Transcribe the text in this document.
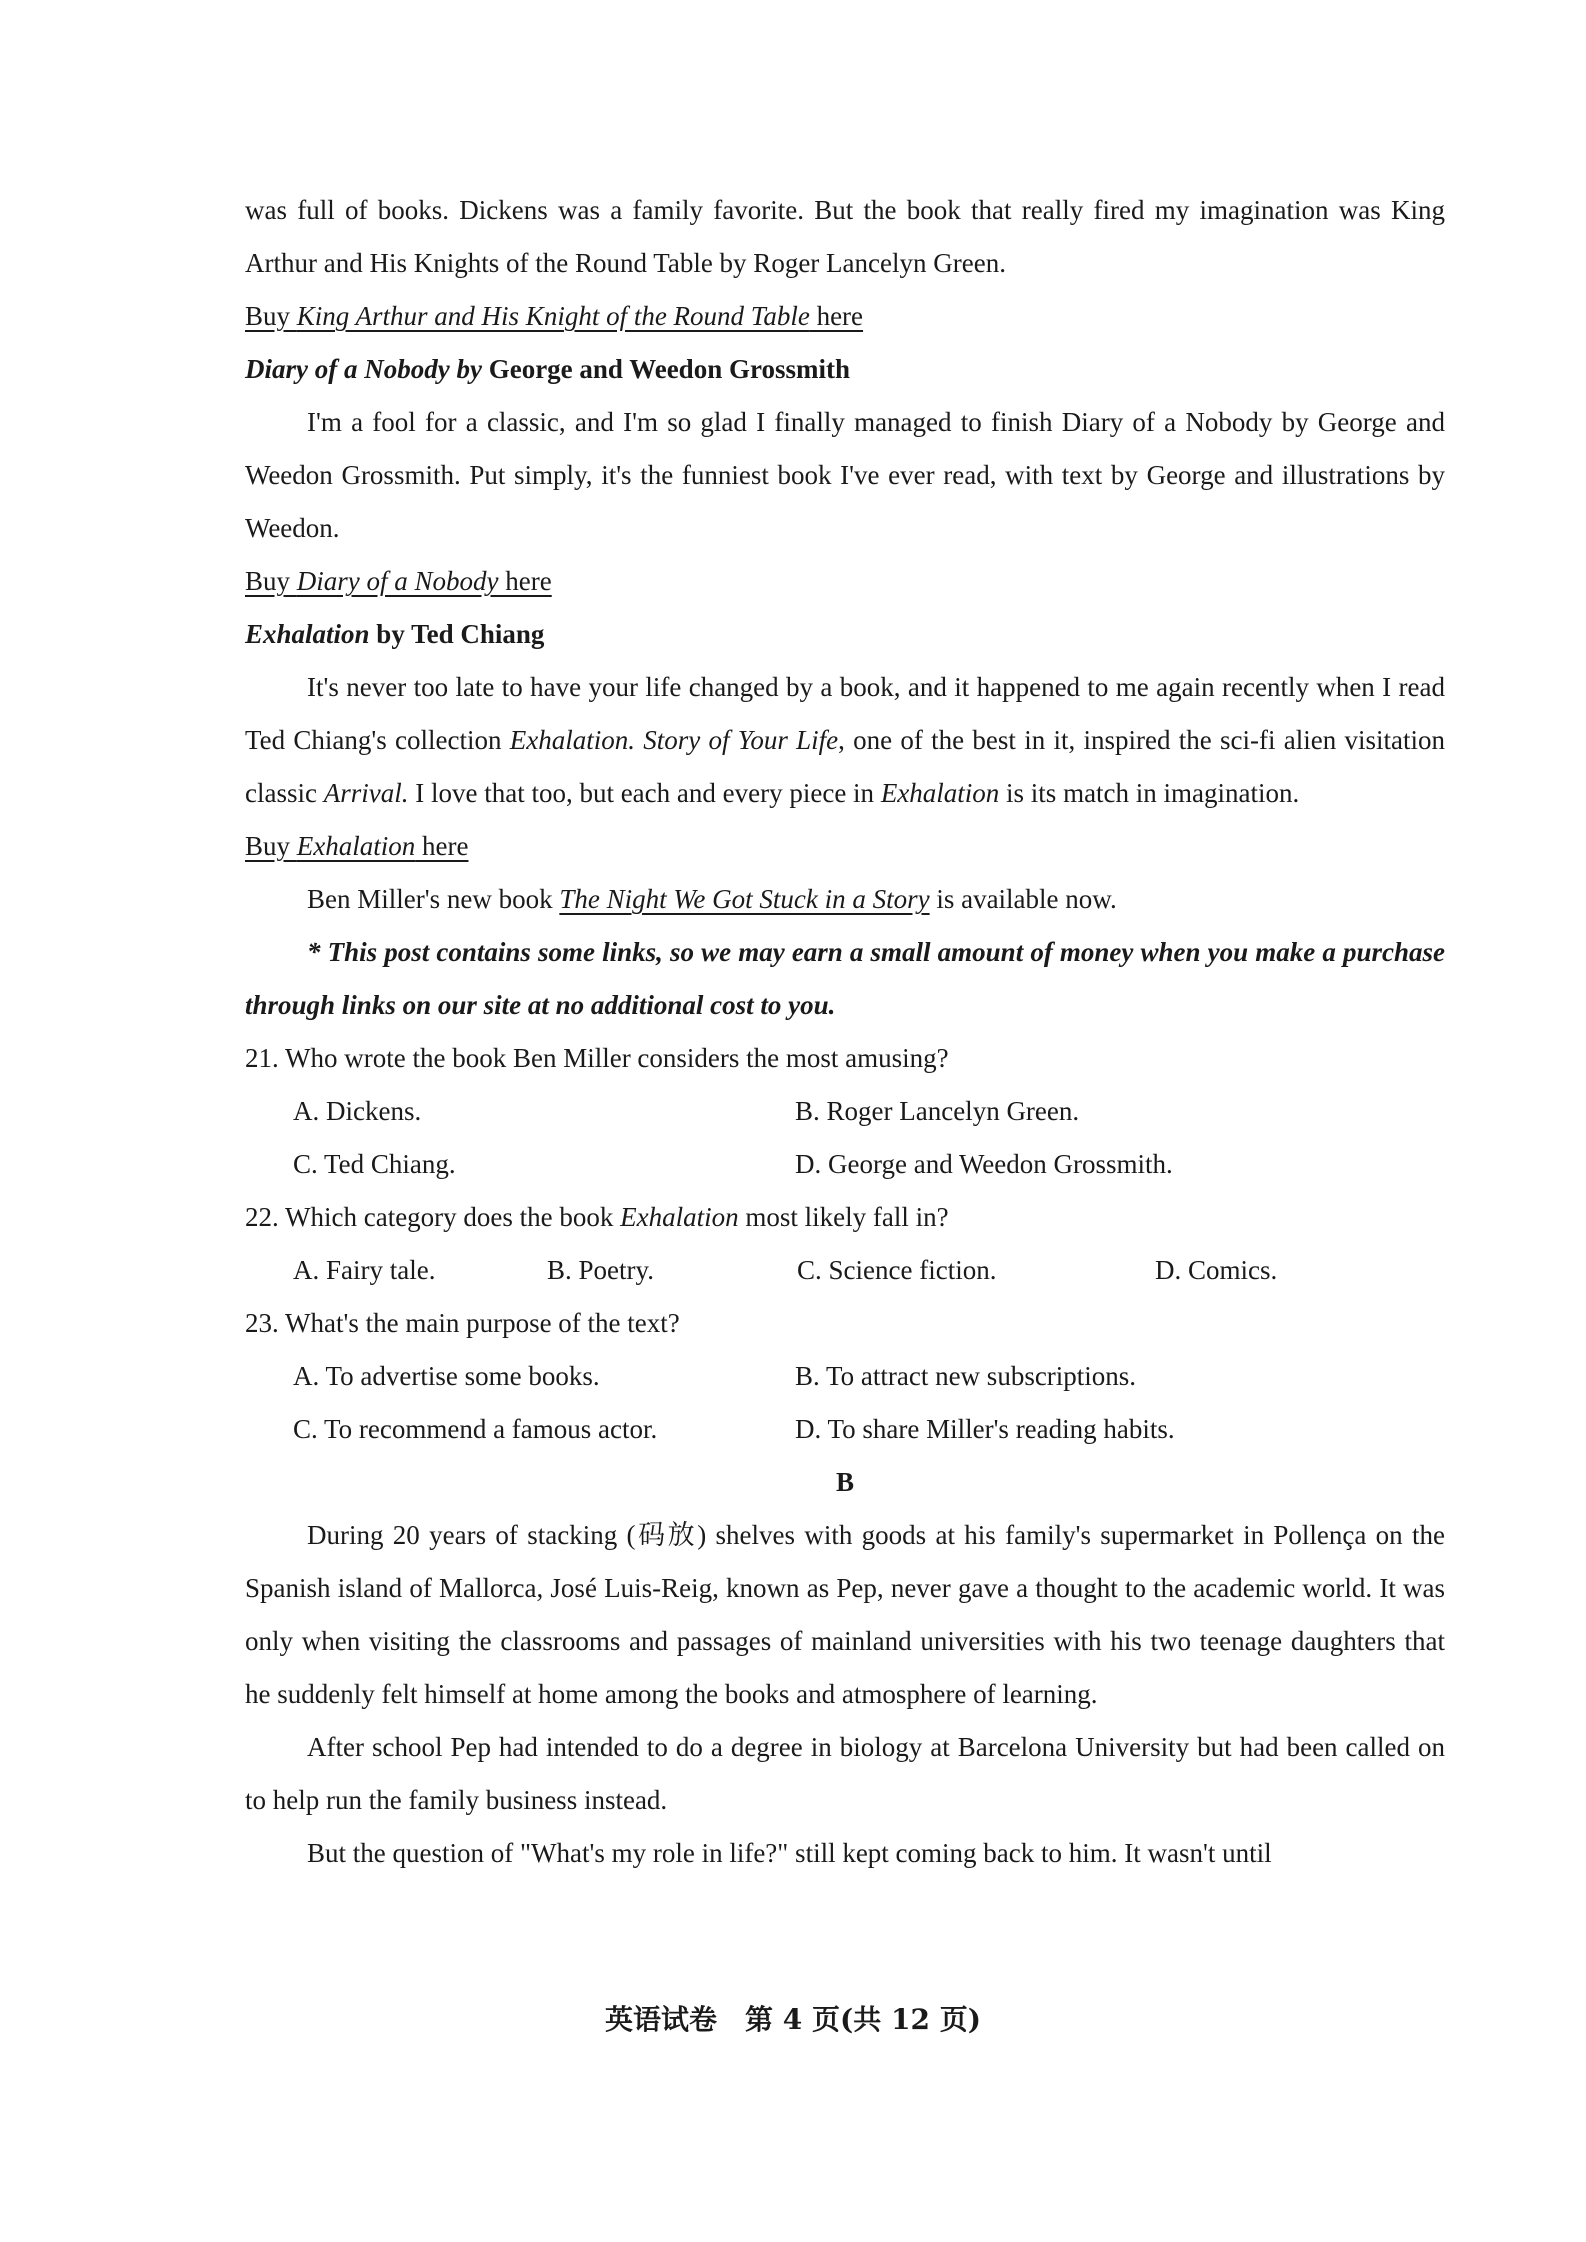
was full of books. Dickens was a family favorite. But the book that really fired my imagination was King Arthur and His Knights of the Round Table by Roger Lancelyn Green.

Buy King Arthur and His Knight of the Round Table here

Diary of a Nobody by George and Weedon Grossmith

I'm a fool for a classic, and I'm so glad I finally managed to finish Diary of a Nobody by George and Weedon Grossmith. Put simply, it's the funniest book I've ever read, with text by George and illustrations by Weedon.

Buy Diary of a Nobody here

Exhalation by Ted Chiang

It's never too late to have your life changed by a book, and it happened to me again recently when I read Ted Chiang's collection Exhalation. Story of Your Life, one of the best in it, inspired the sci-fi alien visitation classic Arrival. I love that too, but each and every piece in Exhalation is its match in imagination.

Buy Exhalation here

Ben Miller's new book The Night We Got Stuck in a Story is available now.

* This post contains some links, so we may earn a small amount of money when you make a purchase through links on our site at no additional cost to you.

21. Who wrote the book Ben Miller considers the most amusing?

A. Dickens.	B. Roger Lancelyn Green.
C. Ted Chiang.	D. George and Weedon Grossmith.

22. Which category does the book Exhalation most likely fall in?

A. Fairy tale.	B. Poetry.	C. Science fiction.	D. Comics.

23. What's the main purpose of the text?

A. To advertise some books.	B. To attract new subscriptions.
C. To recommend a famous actor.	D. To share Miller's reading habits.

B

During 20 years of stacking (码放) shelves with goods at his family's supermarket in Pollença on the Spanish island of Mallorca, José Luis-Reig, known as Pep, never gave a thought to the academic world. It was only when visiting the classrooms and passages of mainland universities with his two teenage daughters that he suddenly felt himself at home among the books and atmosphere of learning.

After school Pep had intended to do a degree in biology at Barcelona University but had been called on to help run the family business instead.

But the question of "What's my role in life?" still kept coming back to him. It wasn't until

英语试卷　第 4 页(共 12 页)
